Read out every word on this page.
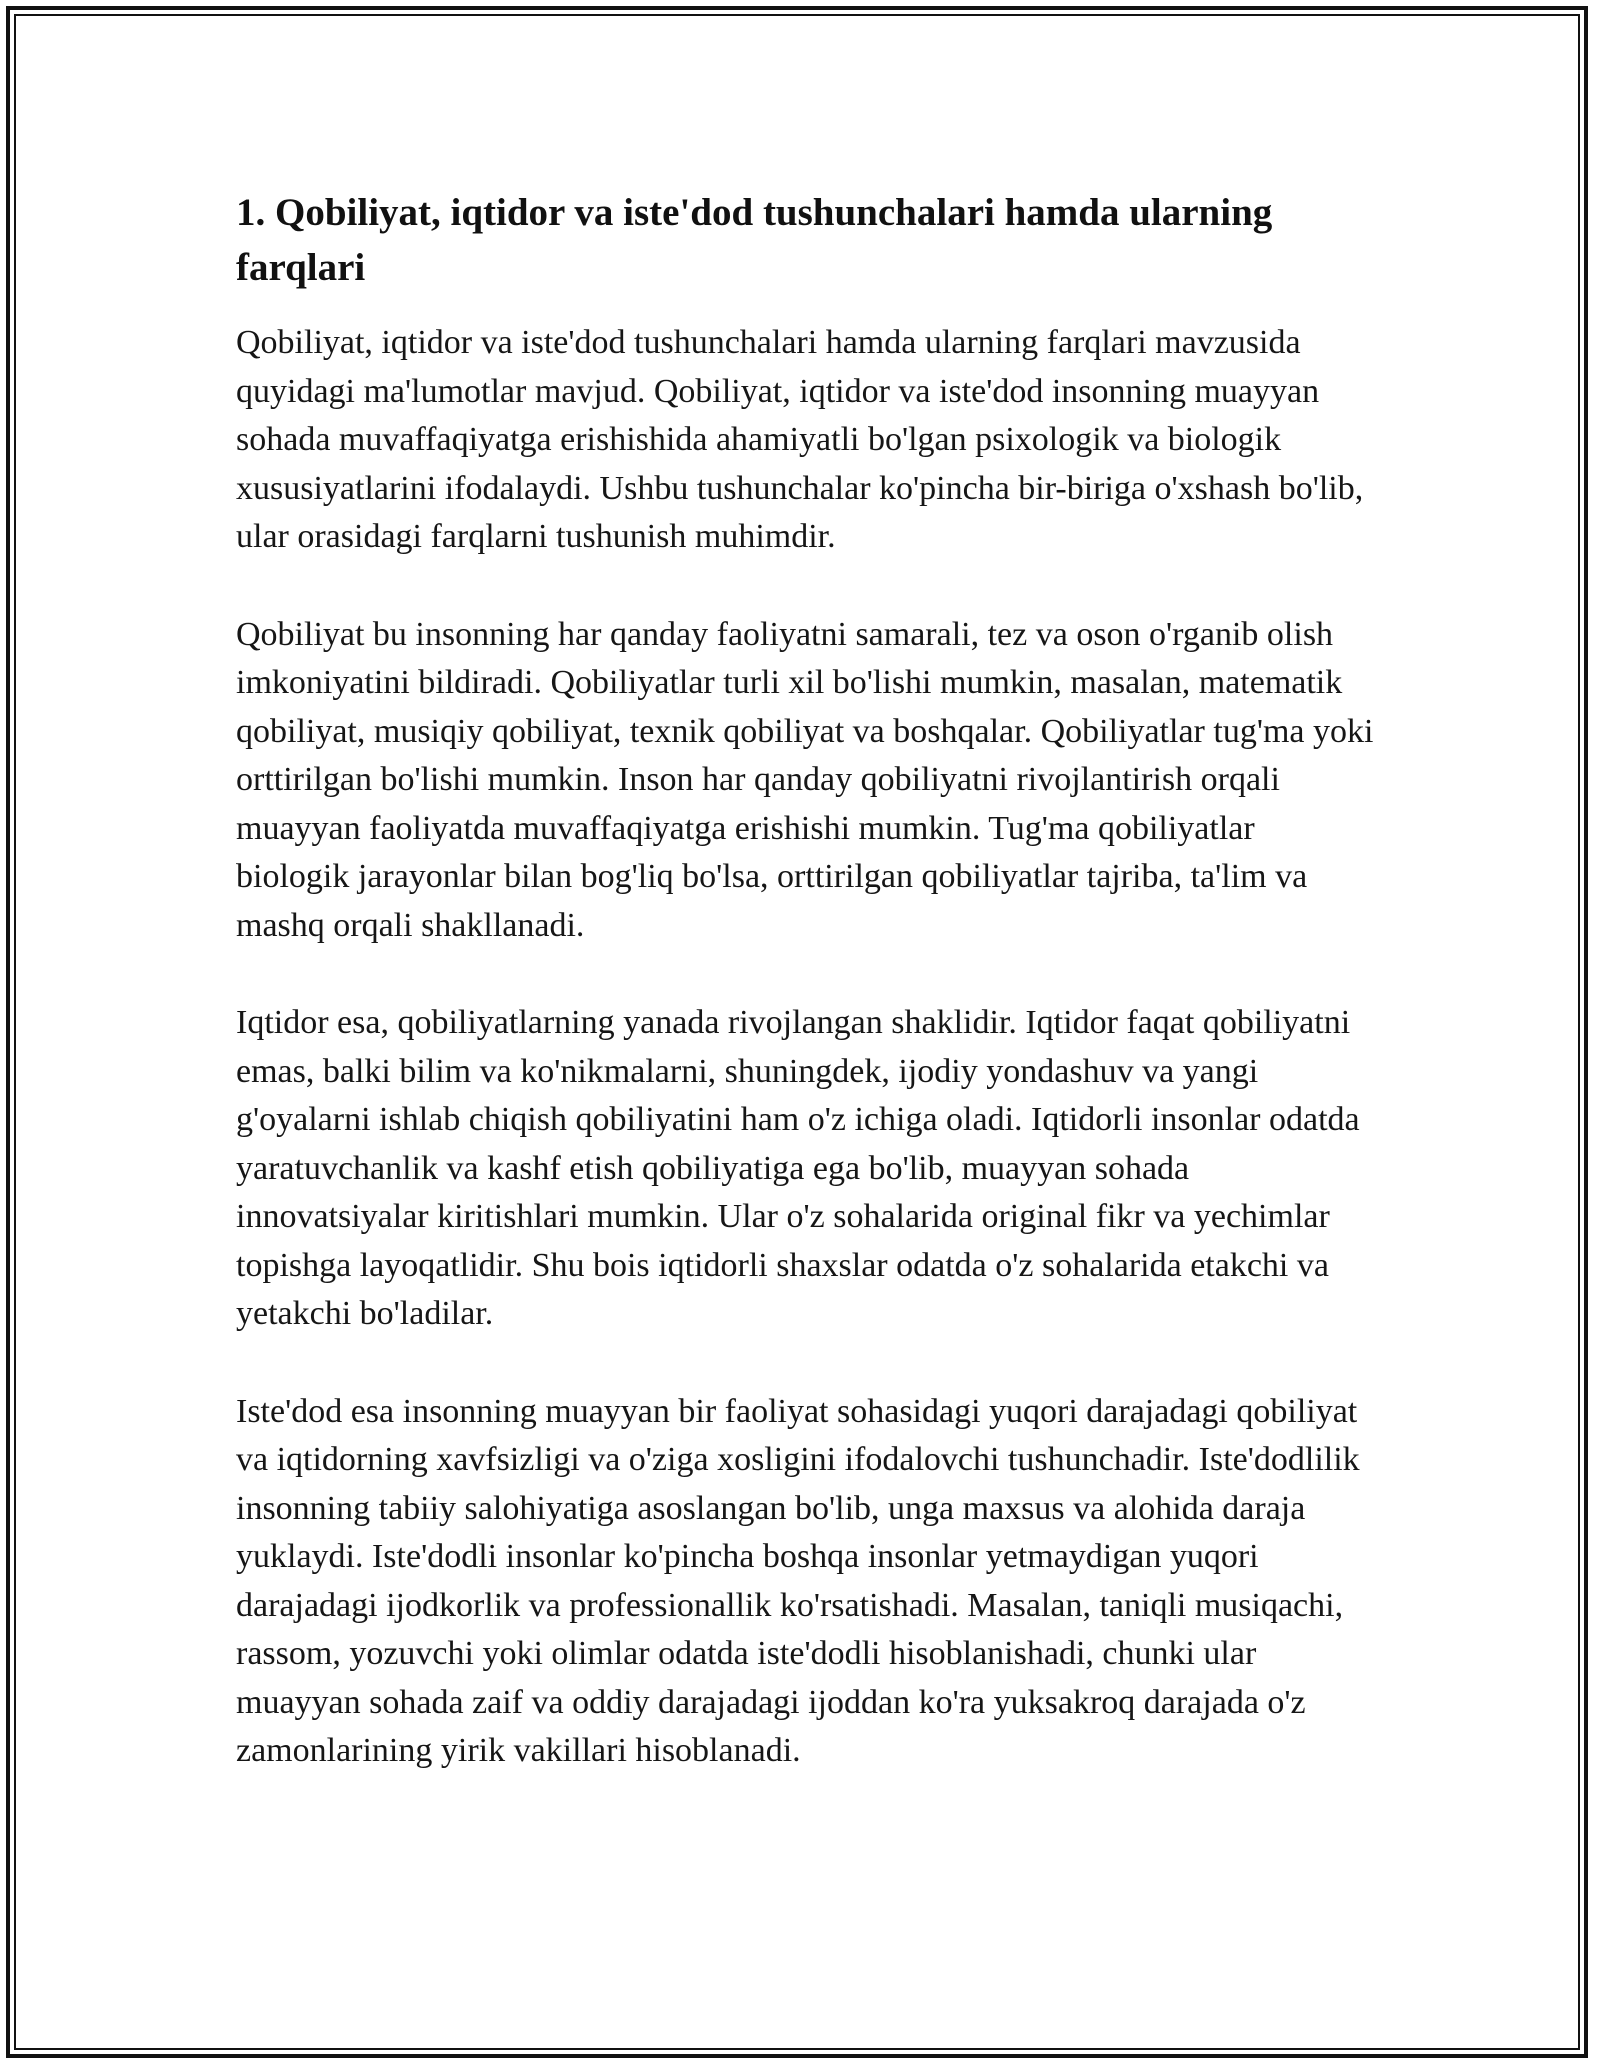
1. Qobiliyat, iqtidor va iste'dod tushunchalari hamda ularning farqlari

Qobiliyat, iqtidor va iste'dod tushunchalari hamda ularning farqlari mavzusida quyidagi ma'lumotlar mavjud. Qobiliyat, iqtidor va iste'dod insonning muayyan sohada muvaffaqiyatga erishishida ahamiyatli bo'lgan psixologik va biologik xususiyatlarini ifodalaydi. Ushbu tushunchalar ko'pincha bir-biriga o'xshash bo'lib, ular orasidagi farqlarni tushunish muhimdir.

Qobiliyat bu insonning har qanday faoliyatni samarali, tez va oson o'rganib olish imkoniyatini bildiradi. Qobiliyatlar turli xil bo'lishi mumkin, masalan, matematik qobiliyat, musiqiy qobiliyat, texnik qobiliyat va boshqalar. Qobiliyatlar tug'ma yoki orttirilgan bo'lishi mumkin. Inson har qanday qobiliyatni rivojlantirish orqali muayyan faoliyatda muvaffaqiyatga erishishi mumkin. Tug'ma qobiliyatlar biologik jarayonlar bilan bog'liq bo'lsa, orttirilgan qobiliyatlar tajriba, ta'lim va mashq orqali shakllanadi.

Iqtidor esa, qobiliyatlarning yanada rivojlangan shaklidir. Iqtidor faqat qobiliyatni emas, balki bilim va ko'nikmalarni, shuningdek, ijodiy yondashuv va yangi g'oyalarni ishlab chiqish qobiliyatini ham o'z ichiga oladi. Iqtidorli insonlar odatda yaratuvchanlik va kashf etish qobiliyatiga ega bo'lib, muayyan sohada innovatsiyalar kiritishlari mumkin. Ular o'z sohalarida original fikr va yechimlar topishga layoqatlidir. Shu bois iqtidorli shaxslar odatda o'z sohalarida etakchi va yetakchi bo'ladilar.

Iste'dod esa insonning muayyan bir faoliyat sohasidagi yuqori darajadagi qobiliyat va iqtidorning xavfsizligi va o'ziga xosligini ifodalovchi tushunchadir. Iste'dodlilik insonning tabiiy salohiyatiga asoslangan bo'lib, unga maxsus va alohida daraja yuklaydi. Iste'dodli insonlar ko'pincha boshqa insonlar yetmaydigan yuqori darajadagi ijodkorlik va professionallik ko'rsatishadi. Masalan, taniqli musiqachi, rassom, yozuvchi yoki olimlar odatda iste'dodli hisoblanishadi, chunki ular muayyan sohada zaif va oddiy darajadagi ijoddan ko'ra yuksakroq darajada o'z zamonlarining yirik vakillari hisoblanadi.
